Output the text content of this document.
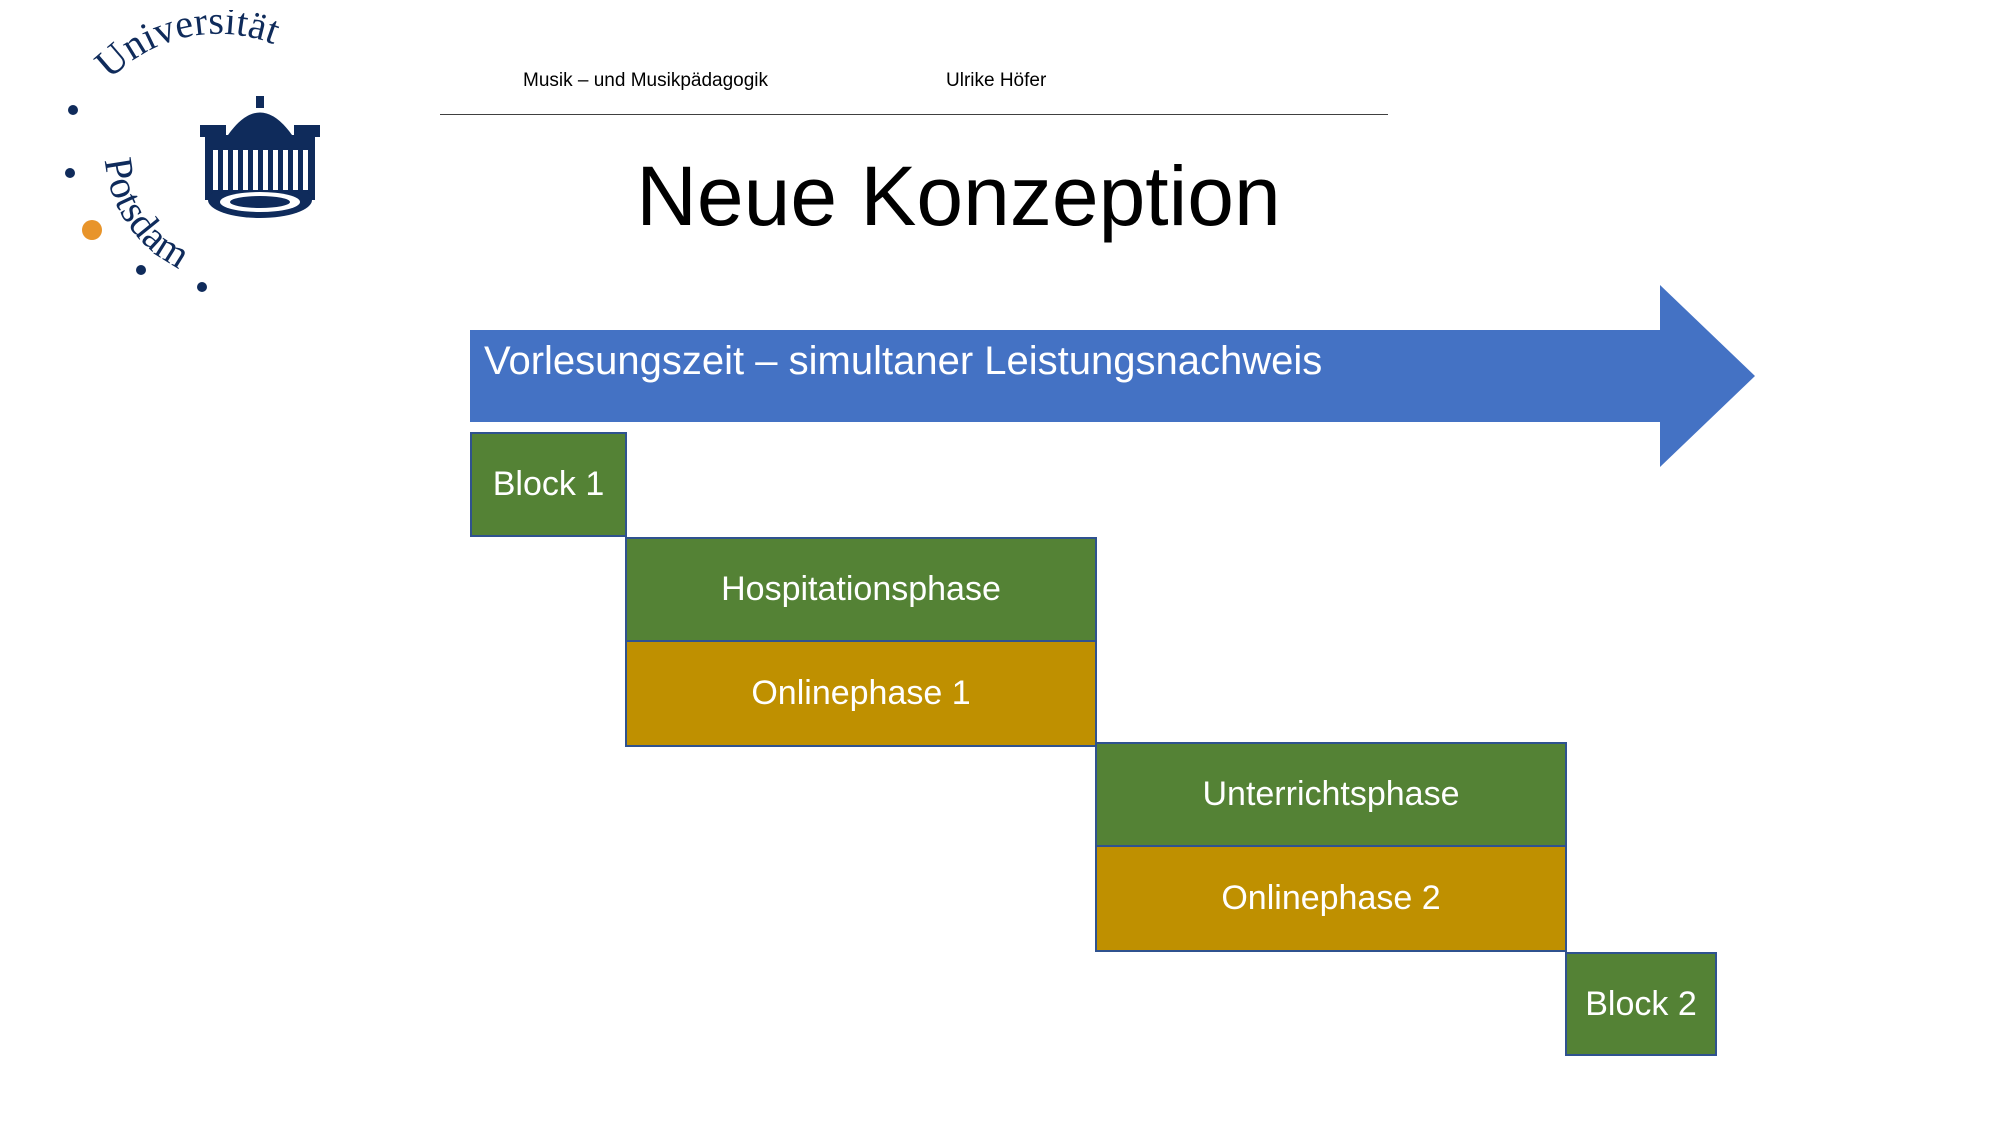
Universität
Potsdam
Musik – und Musikpädagogik	Ulrike Höfer
Neue Konzeption
Vorlesungszeit – simultaner Leistungsnachweis
Block 1
Hospitationsphase
Onlinephase 1
Unterrichtsphase
Onlinephase 2
Block 2
